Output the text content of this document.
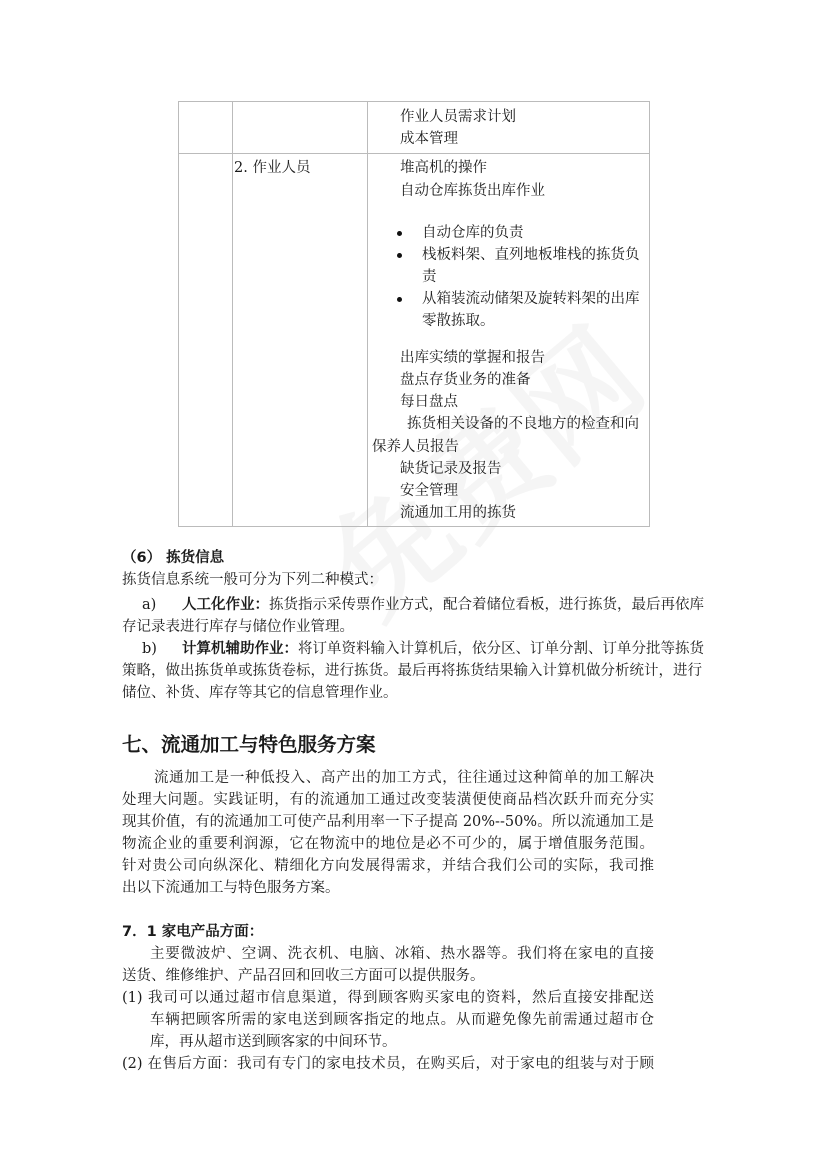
作业人员需求计划
成本管理
2. 作业人员	堆高机的操作
自动仓库拣货出库作业
自动仓库的负责
栈板料架、直列地板堆栈的拣货负
责
从箱装流动储架及旋转料架的出库
零散拣取。
出库实绩的掌握和报告
盘点存货业务的准备
每日盘点
拣货相关设备的不良地方的检查和向
保养人员报告
缺货记录及报告
安全管理
流通加工用的拣货
（6） 拣货信息
拣货信息系统一般可分为下列二种模式：
a) 人工化作业：拣货指示采传票作业方式，配合着储位看板，进行拣货，最后再依库
存记录表进行库存与储位作业管理。
b) 计算机辅助作业：将订单资料输入计算机后，依分区、订单分割、订单分批等拣货
策略，做出拣货单或拣货卷标，进行拣货。最后再将拣货结果输入计算机做分析统计，进行
储位、补货、库存等其它的信息管理作业。
七、流通加工与特色服务方案
流通加工是一种低投入、高产出的加工方式，往往通过这种简单的加工解决
处理大问题。实践证明，有的流通加工通过改变装潢便使商品档次跃升而充分实
现其价值，有的流通加工可使产品利用率一下子提高 20%--50%。所以流通加工是
物流企业的重要利润源，它在物流中的地位是必不可少的，属于增值服务范围。
针对贵公司向纵深化、精细化方向发展得需求，并结合我们公司的实际，我司推
出以下流通加工与特色服务方案。
7．1 家电产品方面：
主要微波炉、空调、洗衣机、电脑、冰箱、热水器等。我们将在家电的直接
送货、维修维护、产品召回和回收三方面可以提供服务。
(1) 我司可以通过超市信息渠道，得到顾客购买家电的资料，然后直接安排配送
车辆把顾客所需的家电送到顾客指定的地点。从而避免像先前需通过超市仓
库，再从超市送到顾客家的中间环节。
(2) 在售后方面：我司有专门的家电技术员，在购买后，对于家电的组装与对于顾
